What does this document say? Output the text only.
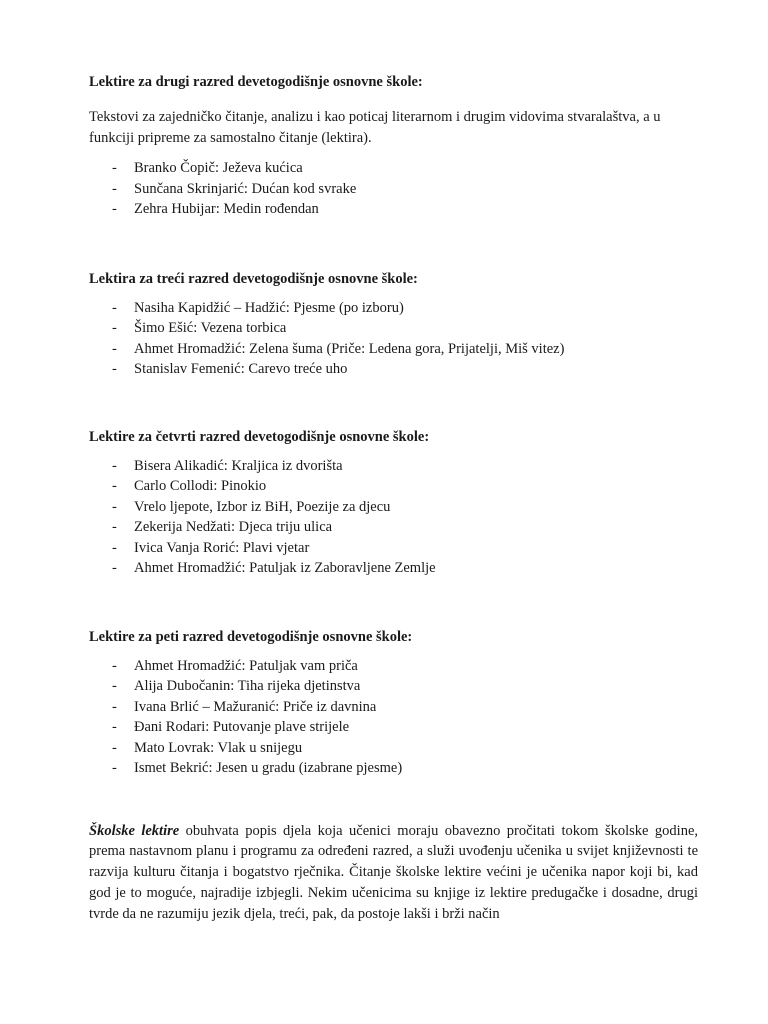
Lektire za drugi razred devetogodišnje osnovne škole:

Tekstovi za zajedničko čitanje, analizu i kao poticaj literarnom i drugim vidovima stvaralaštva, a u funkciji pripreme za samostalno čitanje (lektira).

- Branko Čopič: Ježeva kućica
- Sunčana Skrinjarić: Dućan kod svrake
- Zehra Hubijar: Medin rođendan

Lektira za treći razred devetogodišnje osnovne škole:

- Nasiha Kapidžić – Hadžić: Pjesme (po izboru)
- Šimo Ešić: Vezena torbica
- Ahmet Hromadžić: Zelena šuma (Priče: Ledena gora, Prijatelji, Miš vitez)
- Stanislav Femenić: Carevo treće uho

Lektire za četvrti razred devetogodišnje osnovne škole:

- Bisera Alikadić: Kraljica iz dvorišta
- Carlo Collodi: Pinokio
- Vrelo ljepote, Izbor iz BiH, Poezije za djecu
- Zekerija Nedžati: Djeca triju ulica
- Ivica Vanja Rorić: Plavi vjetar
- Ahmet Hromadžić: Patuljak iz Zaboravljene Zemlje

Lektire za peti razred devetogodišnje osnovne škole:

- Ahmet Hromadžić: Patuljak vam priča
- Alija Dubočanin: Tiha rijeka djetinstva
- Ivana Brlić – Mažuranić: Priče iz davnina
- Đani Rodari: Putovanje plave strijele
- Mato Lovrak: Vlak u snijegu
- Ismet Bekrić: Jesen u gradu (izabrane pjesme)

Školske lektire obuhvata popis djela koja učenici moraju obavezno pročitati tokom školske godine, prema nastavnom planu i programu za određeni razred, a služi uvođenju učenika u svijet književnosti te razvija kulturu čitanja i bogatstvo rječnika. Čitanje školske lektire većini je učenika napor koji bi, kad god je to moguće, najradije izbjegli. Nekim učenicima su knjige iz lektire predugačke i dosadne, drugi tvrde da ne razumiju jezik djela, treći, pak, da postoje lakši i brži način
